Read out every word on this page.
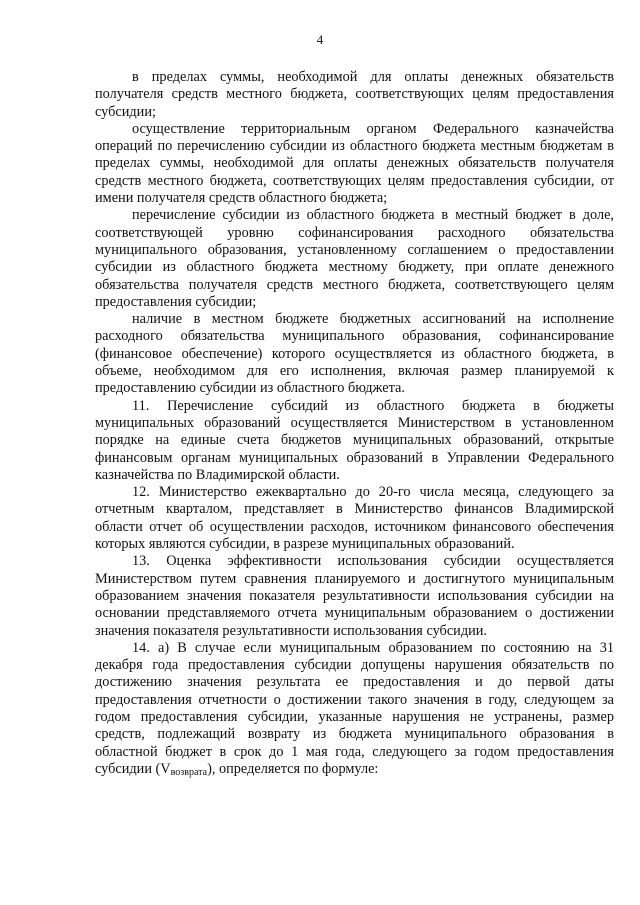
4

в пределах суммы, необходимой для оплаты денежных обязательств получателя средств местного бюджета, соответствующих целям предоставления субсидии;

осуществление территориальным органом Федерального казначейства операций по перечислению субсидии из областного бюджета местным бюджетам в пределах суммы, необходимой для оплаты денежных обязательств получателя средств местного бюджета, соответствующих целям предоставления субсидии, от имени получателя средств областного бюджета;

перечисление субсидии из областного бюджета в местный бюджет в доле, соответствующей уровню софинансирования расходного обязательства муниципального образования, установленному соглашением о предоставлении субсидии из областного бюджета местному бюджету, при оплате денежного обязательства получателя средств местного бюджета, соответствующего целям предоставления субсидии;

наличие в местном бюджете бюджетных ассигнований на исполнение расходного обязательства муниципального образования, софинансирование (финансовое обеспечение) которого осуществляется из областного бюджета, в объеме, необходимом для его исполнения, включая размер планируемой к предоставлению субсидии из областного бюджета.

11. Перечисление субсидий из областного бюджета в бюджеты муниципальных образований осуществляется Министерством в установленном порядке на единые счета бюджетов муниципальных образований, открытые финансовым органам муниципальных образований в Управлении Федерального казначейства по Владимирской области.

12. Министерство ежеквартально до 20-го числа месяца, следующего за отчетным кварталом, представляет в Министерство финансов Владимирской области отчет об осуществлении расходов, источником финансового обеспечения которых являются субсидии, в разрезе муниципальных образований.

13. Оценка эффективности использования субсидии осуществляется Министерством путем сравнения планируемого и достигнутого муниципальным образованием значения показателя результативности использования субсидии на основании представляемого отчета муниципальным образованием о достижении значения показателя результативности использования субсидии.

14. а) В случае если муниципальным образованием по состоянию на 31 декабря года предоставления субсидии допущены нарушения обязательств по достижению значения результата ее предоставления и до первой даты предоставления отчетности о достижении такого значения в году, следующем за годом предоставления субсидии, указанные нарушения не устранены, размер средств, подлежащий возврату из бюджета муниципального образования в областной бюджет в срок до 1 мая года, следующего за годом предоставления субсидии $(V_{возврата})$, определяется по формуле:
